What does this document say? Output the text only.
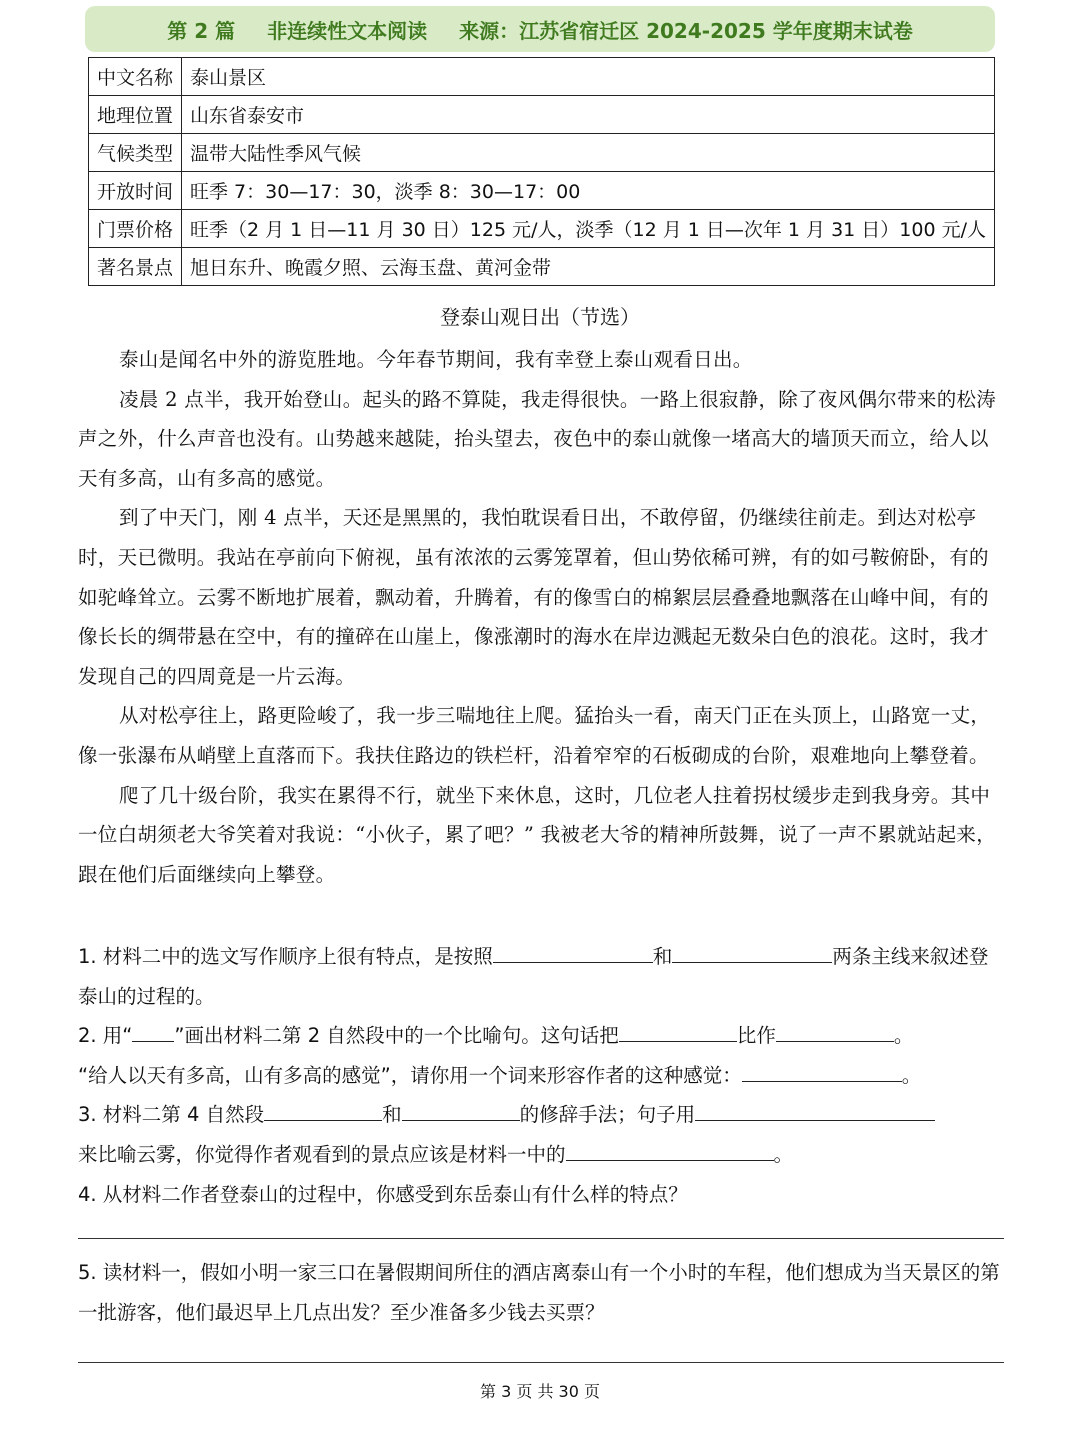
第 2 篇 非连续性文本阅读 来源：江苏省宿迁区 2024-2025 学年度期末试卷
中文名称	泰山景区
地理位置	山东省泰安市
气候类型	温带大陆性季风气候
开放时间	旺季 7：30—17：30，淡季 8：30—17：00
门票价格	旺季（2 月 1 日—11 月 30 日）125 元/人，淡季（12 月 1 日—次年 1 月 31 日）100 元/人
著名景点	旭日东升、晚霞夕照、云海玉盘、黄河金带
登泰山观日出（节选）

泰山是闻名中外的游览胜地。今年春节期间，我有幸登上泰山观看日出。

凌晨 2 点半，我开始登山。起头的路不算陡，我走得很快。一路上很寂静，除了夜风偶尔带来的松涛声之外，什么声音也没有。山势越来越陡，抬头望去，夜色中的泰山就像一堵高大的墙顶天而立，给人以天有多高，山有多高的感觉。

到了中天门，刚 4 点半，天还是黑黑的，我怕耽误看日出，不敢停留，仍继续往前走。到达对松亭时，天已微明。我站在亭前向下俯视，虽有浓浓的云雾笼罩着，但山势依稀可辨，有的如弓鞍俯卧，有的如驼峰耸立。云雾不断地扩展着，飘动着，升腾着，有的像雪白的棉絮层层叠叠地飘落在山峰中间，有的像长长的绸带悬在空中，有的撞碎在山崖上，像涨潮时的海水在岸边溅起无数朵白色的浪花。这时，我才发现自己的四周竟是一片云海。

从对松亭往上，路更险峻了，我一步三喘地往上爬。猛抬头一看，南天门正在头顶上，山路宽一丈，像一张瀑布从峭壁上直落而下。我扶住路边的铁栏杆，沿着窄窄的石板砌成的台阶，艰难地向上攀登着。

爬了几十级台阶，我实在累得不行，就坐下来休息，这时，几位老人拄着拐杖缓步走到我身旁。其中一位白胡须老大爷笑着对我说：“小伙子，累了吧？” 我被老大爷的精神所鼓舞，说了一声不累就站起来，跟在他们后面继续向上攀登。

1. 材料二中的选文写作顺序上很有特点，是按照	和	两条主线来叙述登泰山的过程的。

2. 用“ ”画出材料二第 2 自然段中的一个比喻句。这句话把	比作	。
“给人以天有多高，山有多高的感觉”，请你用一个词来形容作者的这种感觉：	。

3. 材料二第 4 自然段	和	的修辞手法；句子用
来比喻云雾，你觉得作者观看到的景点应该是材料一中的	。

4. 从材料二作者登泰山的过程中，你感受到东岳泰山有什么样的特点？

5. 读材料一，假如小明一家三口在暑假期间所住的酒店离泰山有一个小时的车程，他们想成为当天景区的第一批游客，他们最迟早上几点出发？至少准备多少钱去买票？

第 3 页 共 30 页
